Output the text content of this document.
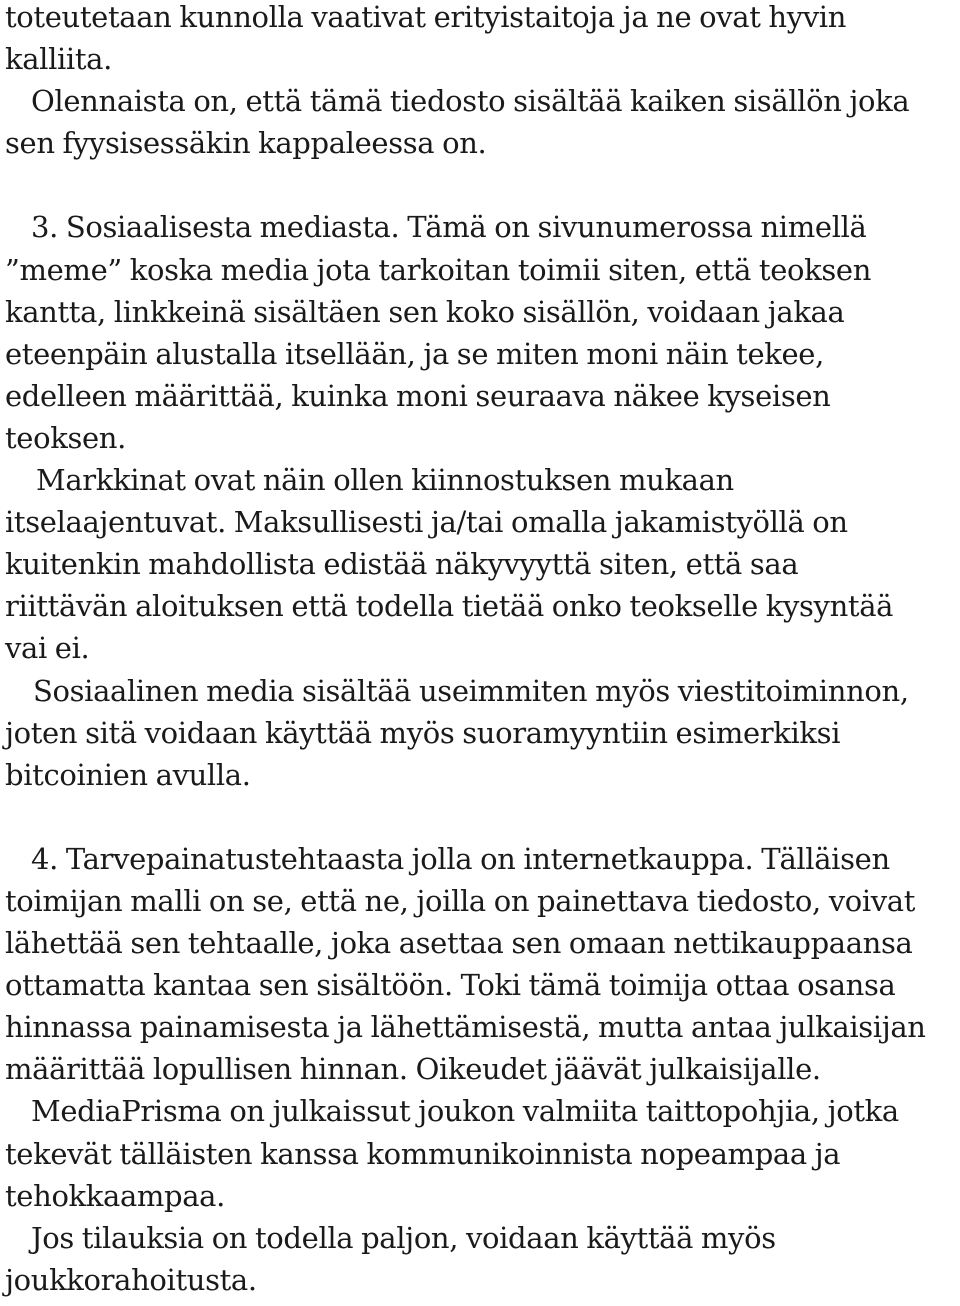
toteutetaan kunnolla vaativat erityistaitoja ja ne ovat hyvin
kalliita.
Olennaista on, että tämä tiedosto sisältää kaiken sisällön joka
sen fyysisessäkin kappaleessa on.
3. Sosiaalisesta mediasta. Tämä on sivunumerossa nimellä
”meme” koska media jota tarkoitan toimii siten, että teoksen
kantta, linkkeinä sisältäen sen koko sisällön, voidaan jakaa
eteenpäin alustalla itsellään, ja se miten moni näin tekee,
edelleen määrittää, kuinka moni seuraava näkee kyseisen
teoksen.
Markkinat ovat näin ollen kiinnostuksen mukaan
itselaajentuvat. Maksullisesti ja/tai omalla jakamistyöllä on
kuitenkin mahdollista edistää näkyvyyttä siten, että saa
riittävän aloituksen että todella tietää onko teokselle kysyntää
vai ei.
Sosiaalinen media sisältää useimmiten myös viestitoiminnon,
joten sitä voidaan käyttää myös suoramyyntiin esimerkiksi
bitcoinien avulla.
4. Tarvepainatustehtaasta jolla on internetkauppa. Tälläisen
toimijan malli on se, että ne, joilla on painettava tiedosto, voivat
lähettää sen tehtaalle, joka asettaa sen omaan nettikauppaansa
ottamatta kantaa sen sisältöön. Toki tämä toimija ottaa osansa
hinnassa painamisesta ja lähettämisestä, mutta antaa julkaisijan
määrittää lopullisen hinnan. Oikeudet jäävät julkaisijalle.
MediaPrisma on julkaissut joukon valmiita taittopohjia, jotka
tekevät tälläisten kanssa kommunikoinnista nopeampaa ja
tehokkaampaa.
Jos tilauksia on todella paljon, voidaan käyttää myös
joukkorahoitusta.
